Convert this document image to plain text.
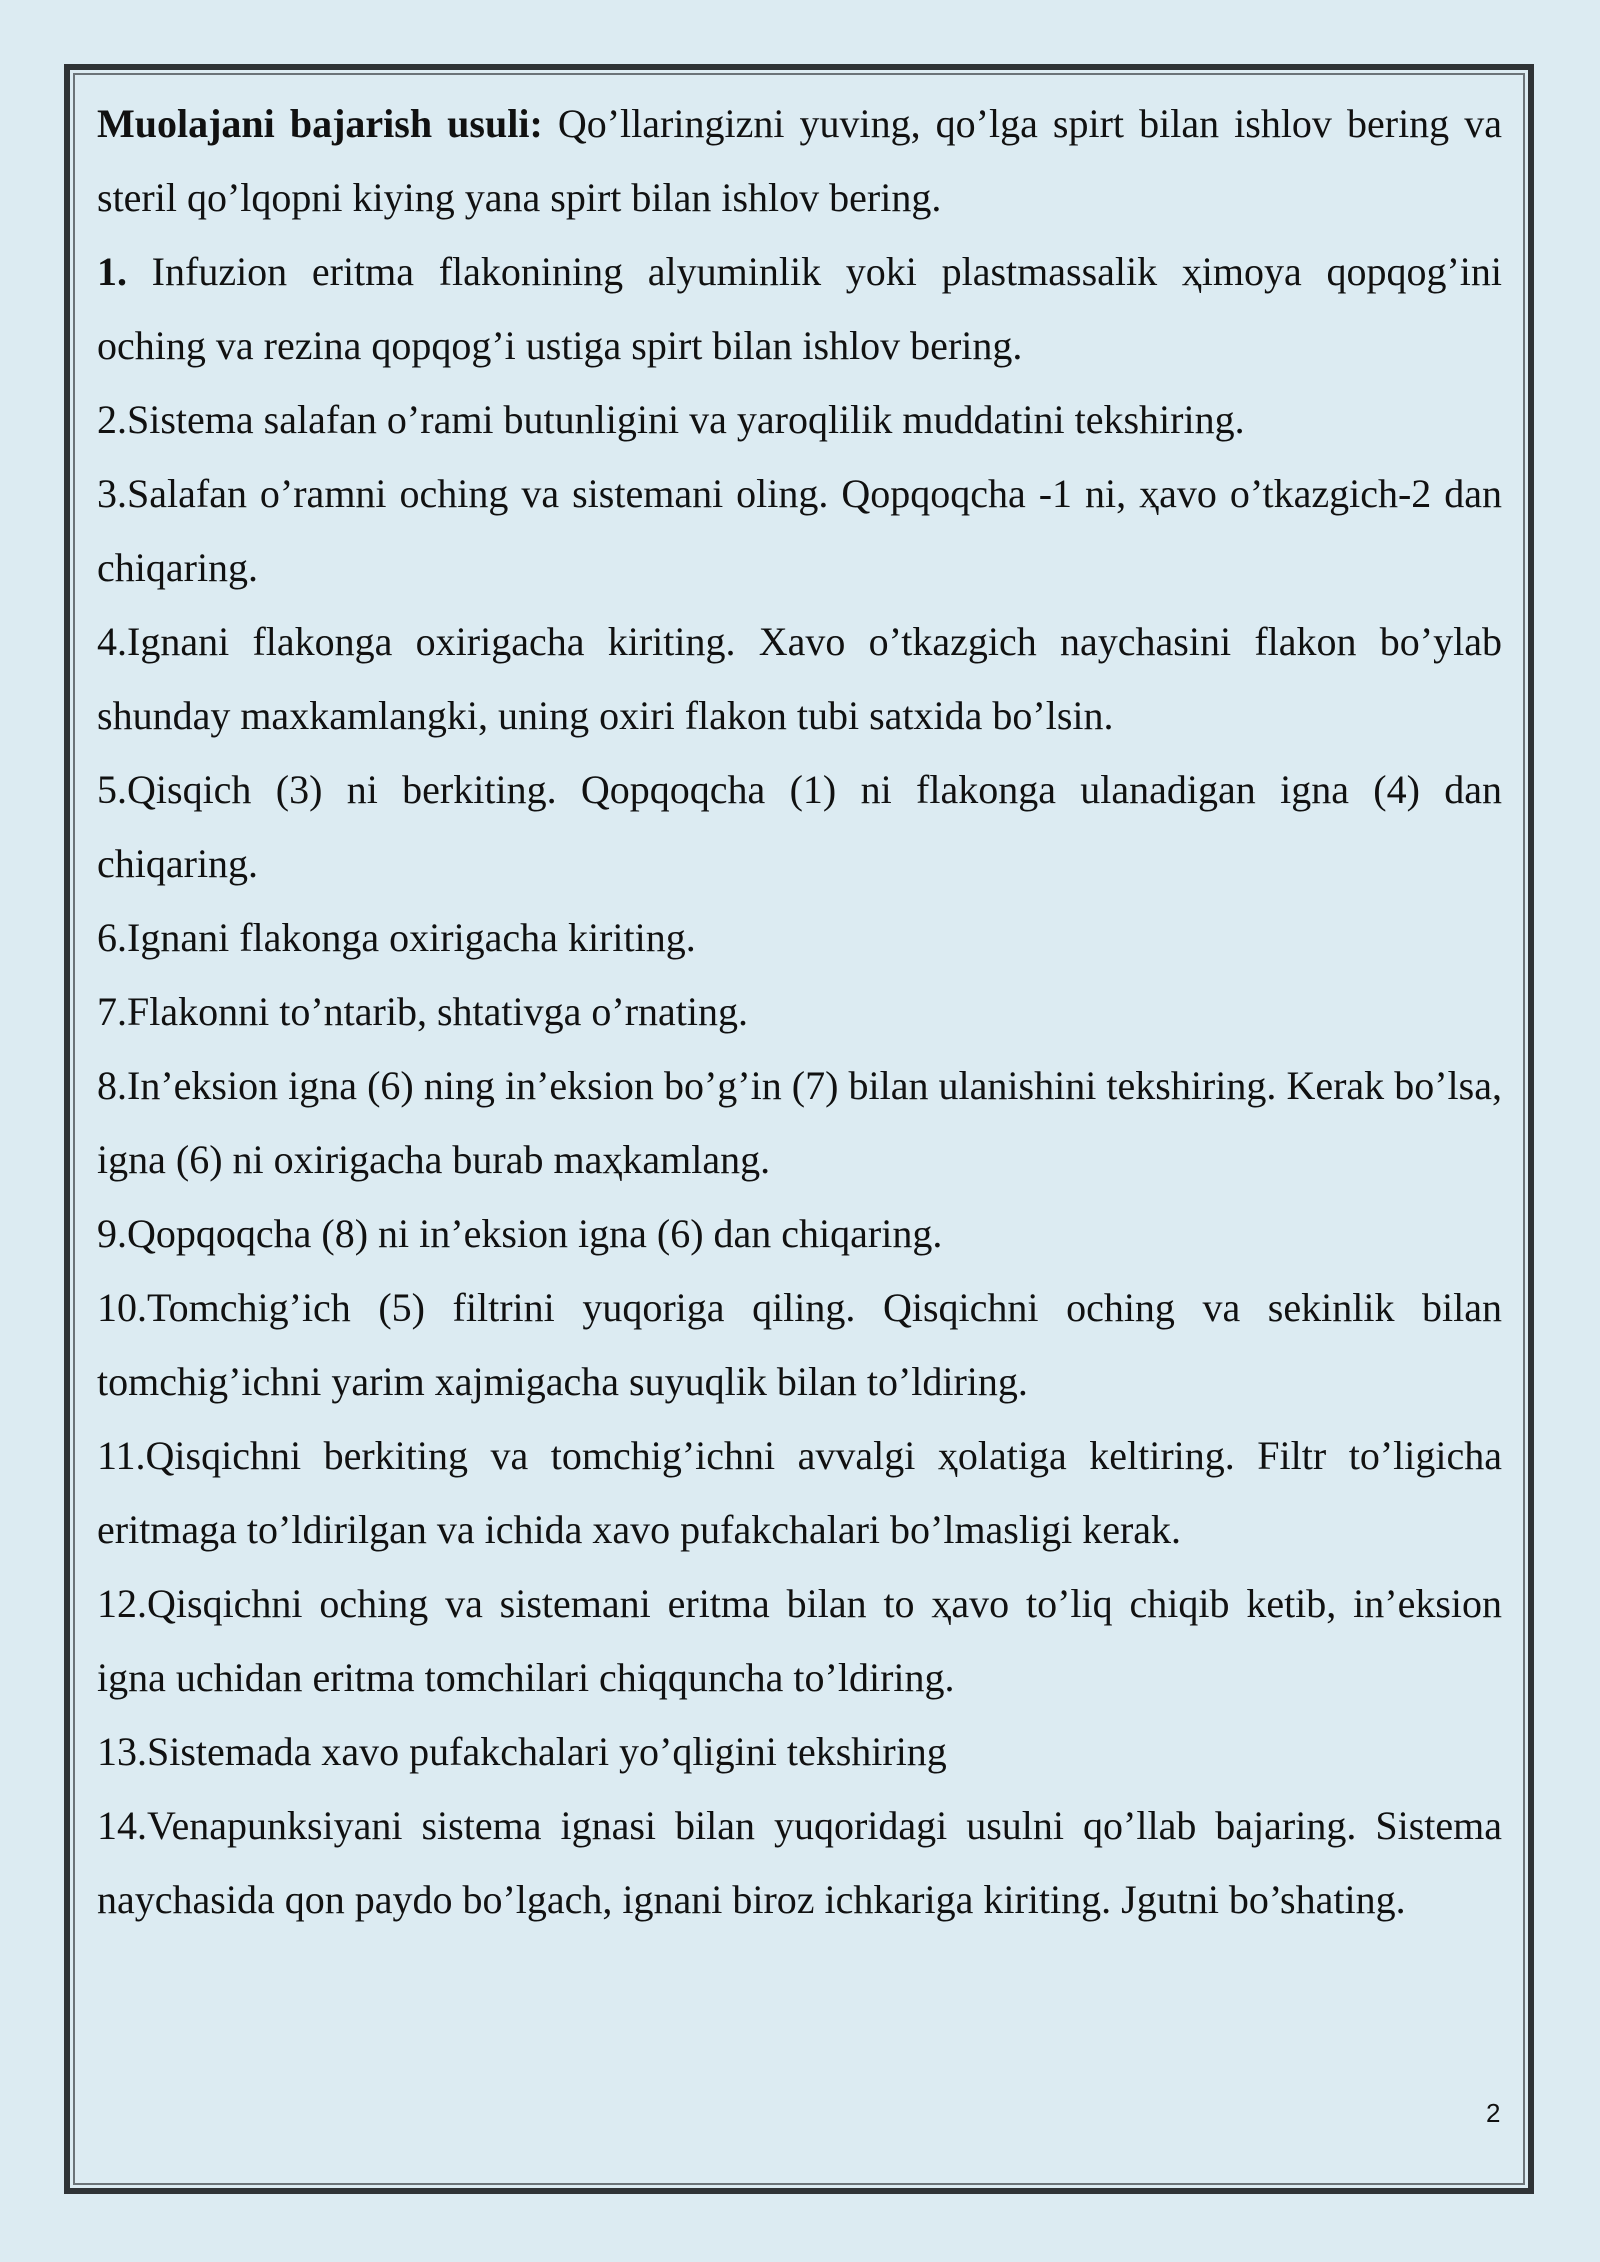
Muolajani bajarish usuli: Qo’llaringizni yuving, qo’lga spirt bilan ishlov bering va steril qo’lqopni kiying yana spirt bilan ishlov bering.

1. Infuzion eritma flakonining alyuminlik yoki plastmassalik ҳimoya qopqog’ini oching va rezina qopqog’i ustiga spirt bilan ishlov bering.

2.Sistema salafan o’rami butunligini va yaroqlilik muddatini tekshiring.

3.Salafan o’ramni oching va sistemani oling. Qopqoqcha -1 ni, ҳavo o’tkazgich-2 dan chiqaring.

4.Ignani flakonga oxirigacha kiriting. Xavo o’tkazgich naychasini flakon bo’ylab shunday maxkamlangki, uning oxiri flakon tubi satxida bo’lsin.

5.Qisqich (3) ni berkiting. Qopqoqcha (1) ni flakonga ulanadigan igna (4) dan chiqaring.

6.Ignani flakonga oxirigacha kiriting.

7.Flakonni to’ntarib, shtativga o’rnating.

8.In’eksion igna (6) ning in’eksion bo’g’in (7) bilan ulanishini tekshiring. Kerak bo’lsa, igna (6) ni oxirigacha burab maҳkamlang.

9.Qopqoqcha (8) ni in’eksion igna (6) dan chiqaring.

10.Tomchig’ich (5) filtrini yuqoriga qiling. Qisqichni oching va sekinlik bilan tomchig’ichni yarim xajmigacha suyuqlik bilan to’ldiring.

11.Qisqichni berkiting va tomchig’ichni avvalgi ҳolatiga keltiring. Filtr to’ligicha eritmaga to’ldirilgan va ichida xavo pufakchalari bo’lmasligi kerak.

12.Qisqichni oching va sistemani eritma bilan to ҳavo to’liq chiqib ketib, in’eksion igna uchidan eritma tomchilari chiqquncha to’ldiring.

13.Sistemada xavo pufakchalari yo’qligini tekshiring

14.Venapunksiyani sistema ignasi bilan yuqoridagi usulni qo’llab bajaring. Sistema naychasida qon paydo bo’lgach, ignani biroz ichkariga kiriting. Jgutni bo’shating.

2
